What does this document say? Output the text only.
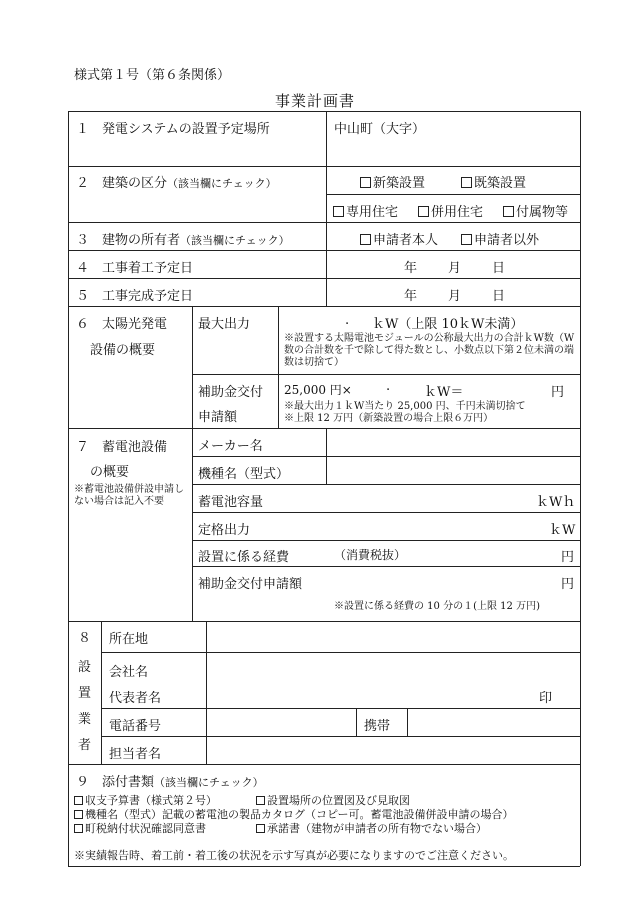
様式第１号（第６条関係）
事業計画書
１　発電システムの設置予定場所	中山町（大字）
２　建築の区分（該当欄にチェック）	新築設置	既築設置
専用住宅	併用住宅	付属物等
３　建物の所有者（該当欄にチェック）	申請者本人	申請者以外
４　工事着工予定日	年 月 日
５　工事完成予定日	年 月 日
６　太陽光発電
設備の概要
最大出力	. ｋW（上限 10ｋW未満）
※設置する太陽電池モジュールの公称最大出力の合計ｋW数（W数の合計数を千で除して得た数とし、小数点以下第２位未満の端数は切捨て）
補助金交付
申請額
25,000 円×	.	ｋW＝	円
※最大出力１ｋW当たり 25,000 円、千円未満切捨て
※上限 12 万円（新築設置の場合上限６万円）
７　蓄電池設備
の概要
※蓄電池設備併設申請しない場合は記入不要
メーカー名
機種名（型式）
蓄電池容量	ｋWｈ
定格出力	ｋW
設置に係る経費	（消費税抜）	円
補助金交付申請額	円
※設置に係る経費の 10 分の１(上限 12 万円)
８
設
置
業
者
所在地
会社名
代表者名	印
電話番号	携帯
担当者名
９　添付書類（該当欄にチェック）
収支予算書（様式第２号）	設置場所の位置図及び見取図
機種名（型式）記載の蓄電池の製品カタログ（コピー可。蓄電池設備併設申請の場合）
町税納付状況確認同意書	承諾書（建物が申請者の所有物でない場合）
※実績報告時、着工前・着工後の状況を示す写真が必要になりますのでご注意ください。
